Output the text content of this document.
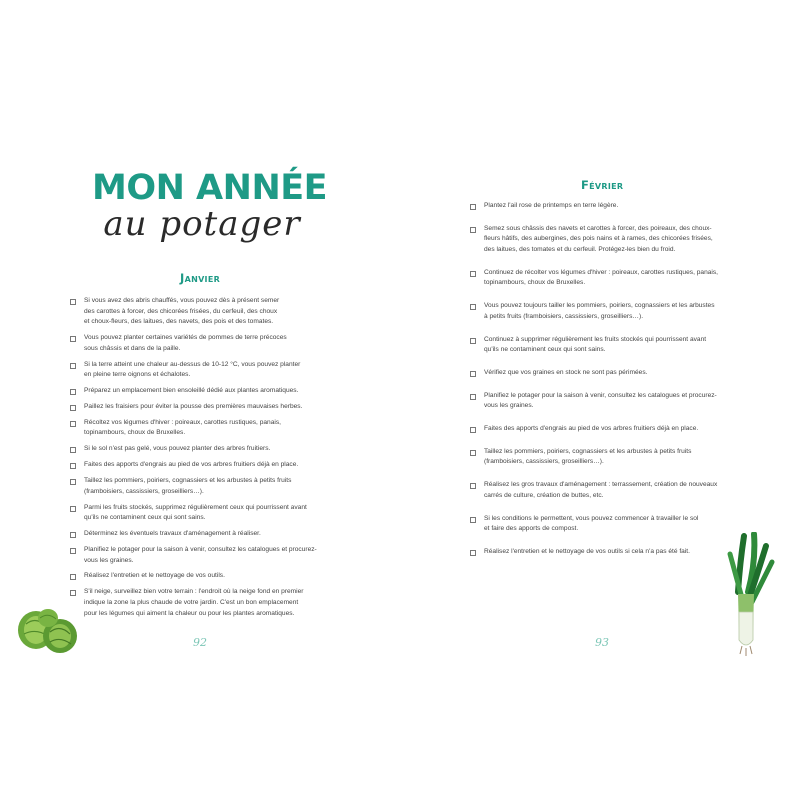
MON ANNÉE
au potager
Janvier
Si vous avez des abris chauffés, vous pouvez dès à présent semer
des carottes à forcer, des chicorées frisées, du cerfeuil, des choux
et choux-fleurs, des laitues, des navets, des pois et des tomates.
Vous pouvez planter certaines variétés de pommes de terre précoces
sous châssis et dans de la paille.
Si la terre atteint une chaleur au-dessus de 10-12 °C, vous pouvez planter
en pleine terre oignons et échalotes.
Préparez un emplacement bien ensoleillé dédié aux plantes aromatiques.
Paillez les fraisiers pour éviter la pousse des premières mauvaises herbes.
Récoltez vos légumes d'hiver : poireaux, carottes rustiques, panais,
topinambours, choux de Bruxelles.
Si le sol n'est pas gelé, vous pouvez planter des arbres fruitiers.
Faites des apports d'engrais au pied de vos arbres fruitiers déjà en place.
Taillez les pommiers, poiriers, cognassiers et les arbustes à petits fruits
(framboisiers, cassissiers, groseilliers…).
Parmi les fruits stockés, supprimez régulièrement ceux qui pourrissent avant
qu'ils ne contaminent ceux qui sont sains.
Déterminez les éventuels travaux d'aménagement à réaliser.
Planifiez le potager pour la saison à venir, consultez les catalogues et procurez-
vous les graines.
Réalisez l'entretien et le nettoyage de vos outils.
S'il neige, surveillez bien votre terrain : l'endroit où la neige fond en premier
indique la zone la plus chaude de votre jardin. C'est un bon emplacement
pour les légumes qui aiment la chaleur ou pour les plantes aromatiques.
92
Février
Plantez l'ail rose de printemps en terre légère.
Semez sous châssis des navets et carottes à forcer, des poireaux, des choux-
fleurs hâtifs, des aubergines, des pois nains et à rames, des chicorées frisées,
des laitues, des tomates et du cerfeuil. Protégez-les bien du froid.
Continuez de récolter vos légumes d'hiver : poireaux, carottes rustiques, panais,
topinambours, choux de Bruxelles.
Vous pouvez toujours tailler les pommiers, poiriers, cognassiers et les arbustes
à petits fruits (framboisiers, cassissiers, groseilliers…).
Continuez à supprimer régulièrement les fruits stockés qui pourrissent avant
qu'ils ne contaminent ceux qui sont sains.
Vérifiez que vos graines en stock ne sont pas périmées.
Planifiez le potager pour la saison à venir, consultez les catalogues et procurez-
vous les graines.
Faites des apports d'engrais au pied de vos arbres fruitiers déjà en place.
Taillez les pommiers, poiriers, cognassiers et les arbustes à petits fruits
(framboisiers, cassissiers, groseilliers…).
Réalisez les gros travaux d'aménagement : terrassement, création de nouveaux
carrés de culture, création de buttes, etc.
Si les conditions le permettent, vous pouvez commencer à travailler le sol
et faire des apports de compost.
Réalisez l'entretien et le nettoyage de vos outils si cela n'a pas été fait.
93
